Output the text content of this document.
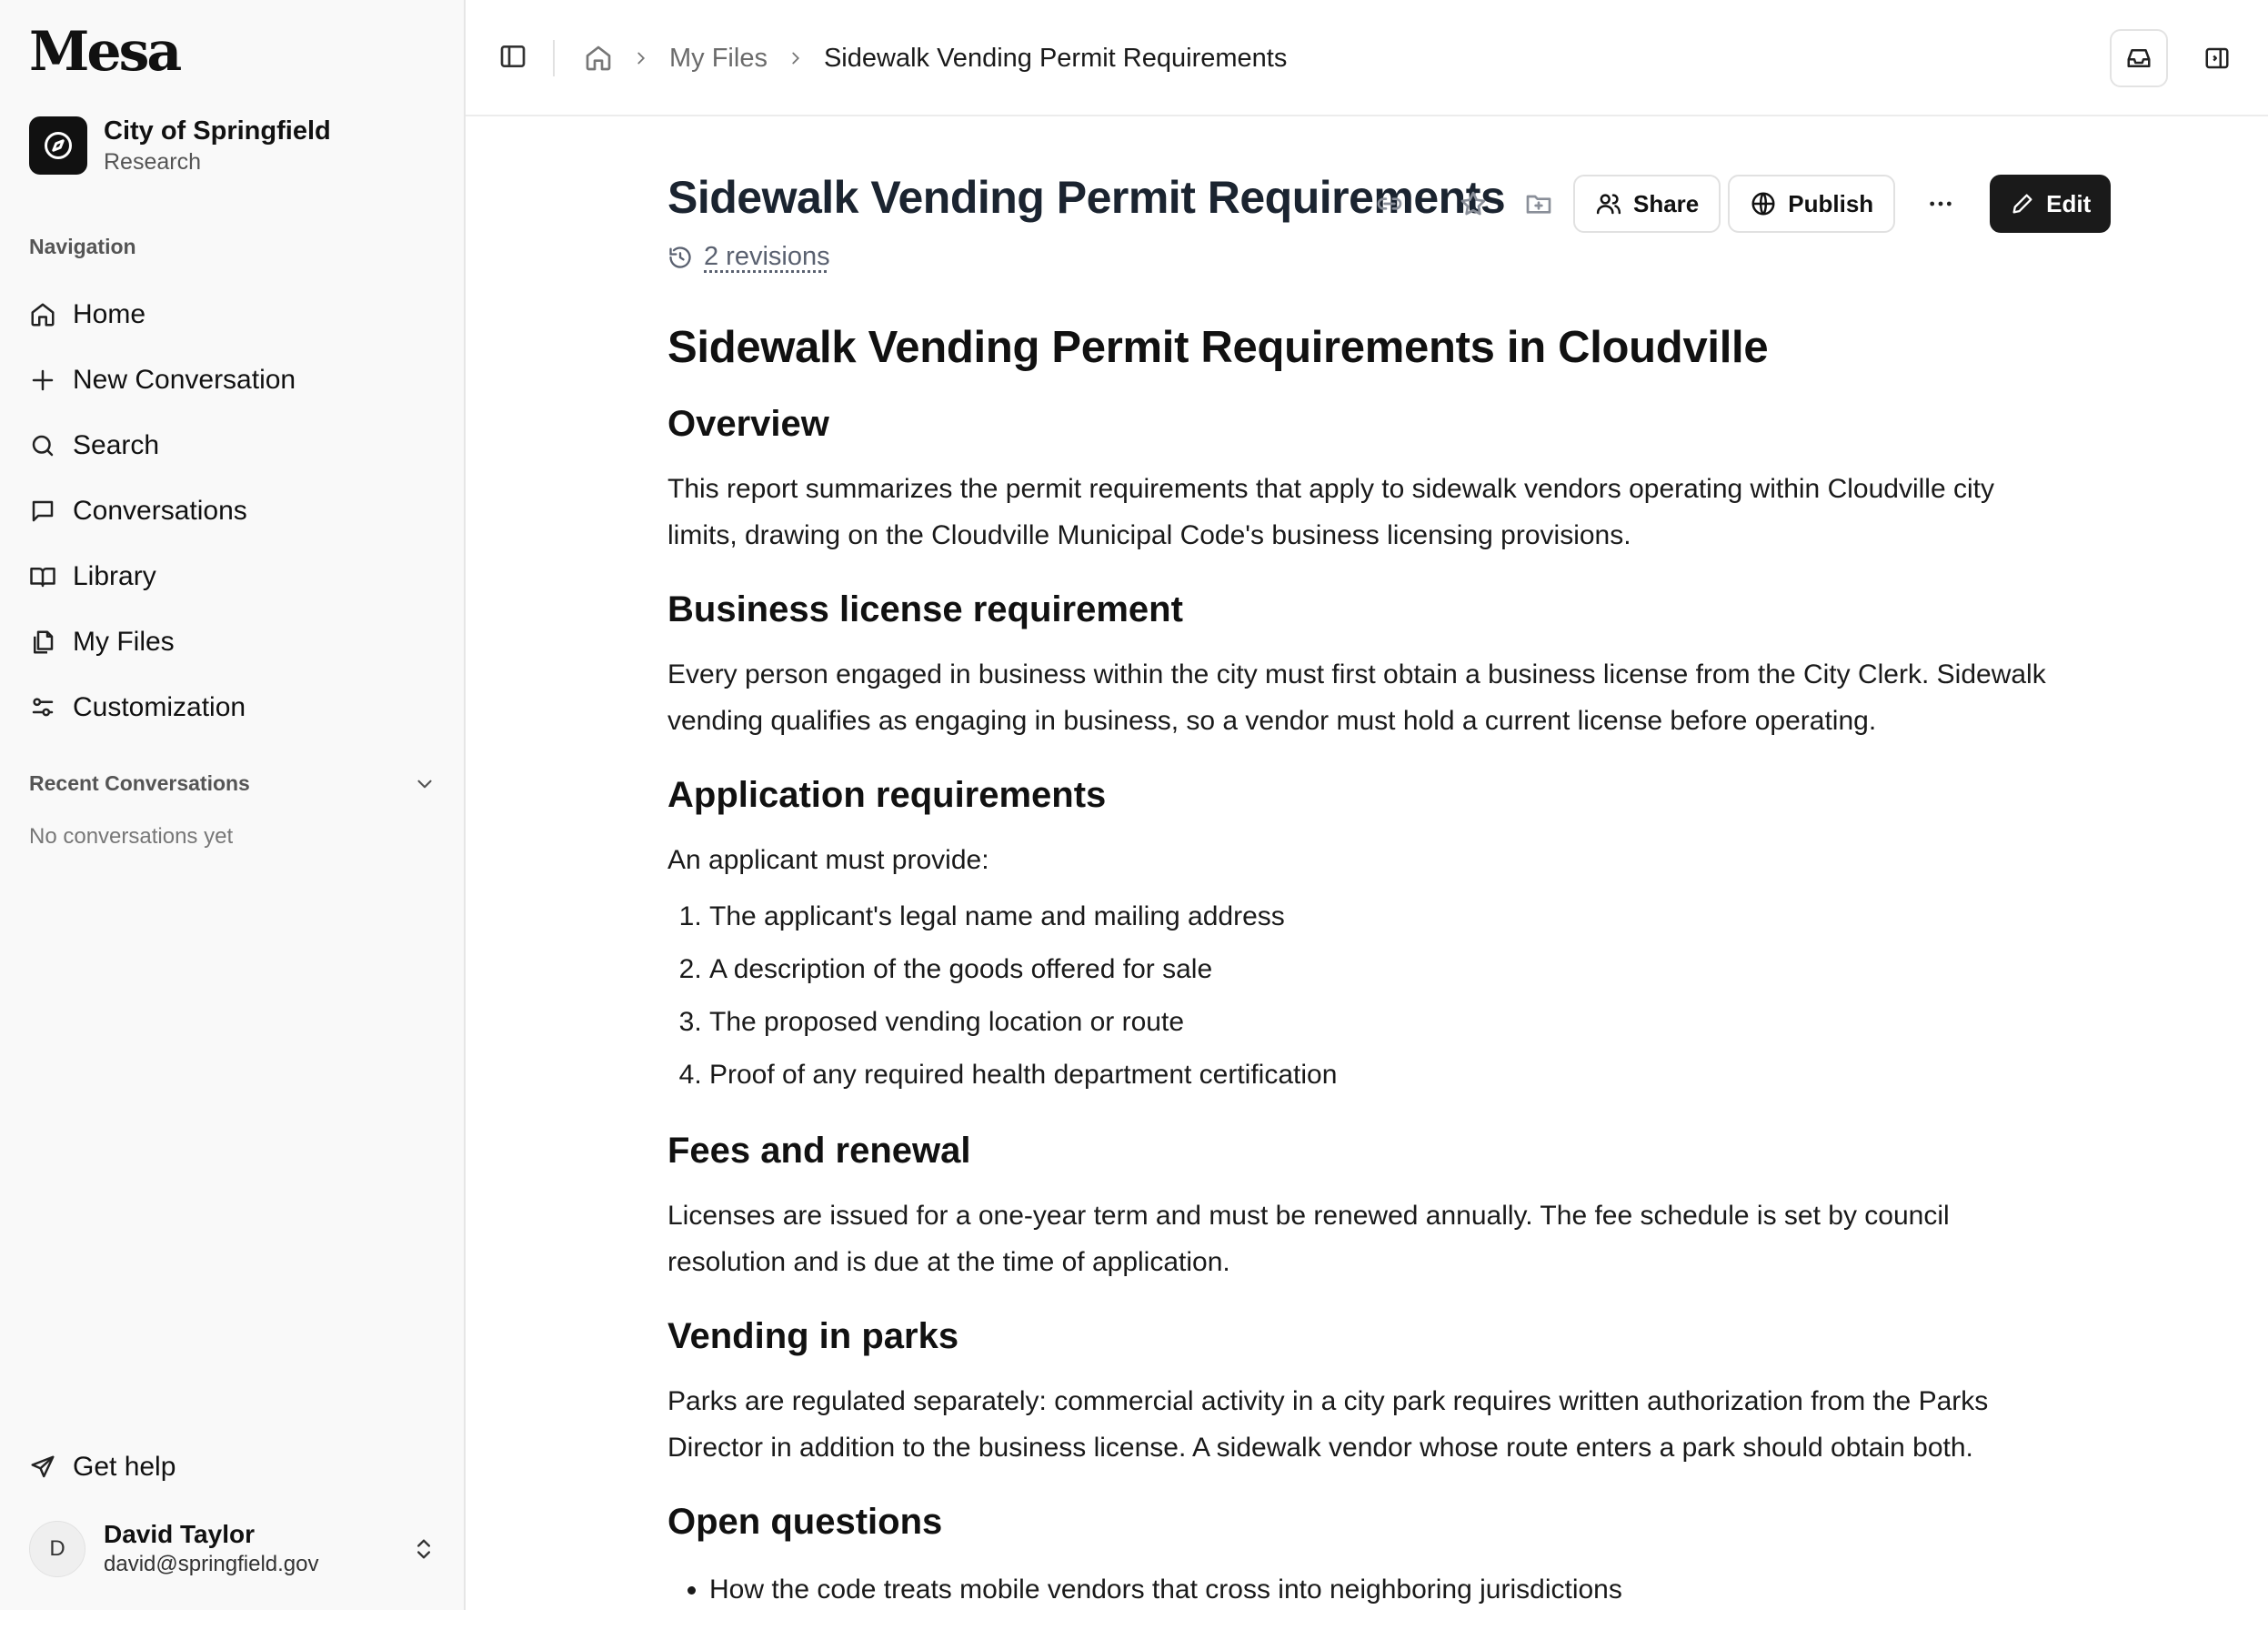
Mesa
City of Springfield
Research
Navigation
Home
New Conversation
Search
Conversations
Library
My Files
Customization
Recent Conversations
No conversations yet
Get help
D
David Taylor
david@springfield.gov
My Files Sidewalk Vending Permit Requirements
Sidewalk Vending Permit Requirements	Share	Publish	Edit
2 revisions
Sidewalk Vending Permit Requirements in Cloudville
Overview

This report summarizes the permit requirements that apply to sidewalk vendors operating within Cloudville city limits, drawing on the Cloudville Municipal Code's business licensing provisions.

Business license requirement

Every person engaged in business within the city must first obtain a business license from the City Clerk. Sidewalk vending qualifies as engaging in business, so a vendor must hold a current license before operating.

Application requirements

An applicant must provide:

1. The applicant's legal name and mailing address
2. A description of the goods offered for sale
3. The proposed vending location or route
4. Proof of any required health department certification
Fees and renewal

Licenses are issued for a one-year term and must be renewed annually. The fee schedule is set by council resolution and is due at the time of application.

Vending in parks

Parks are regulated separately: commercial activity in a city park requires written authorization from the Parks Director in addition to the business license. A sidewalk vendor whose route enters a park should obtain both.

Open questions
• How the code treats mobile vendors that cross into neighboring jurisdictions
